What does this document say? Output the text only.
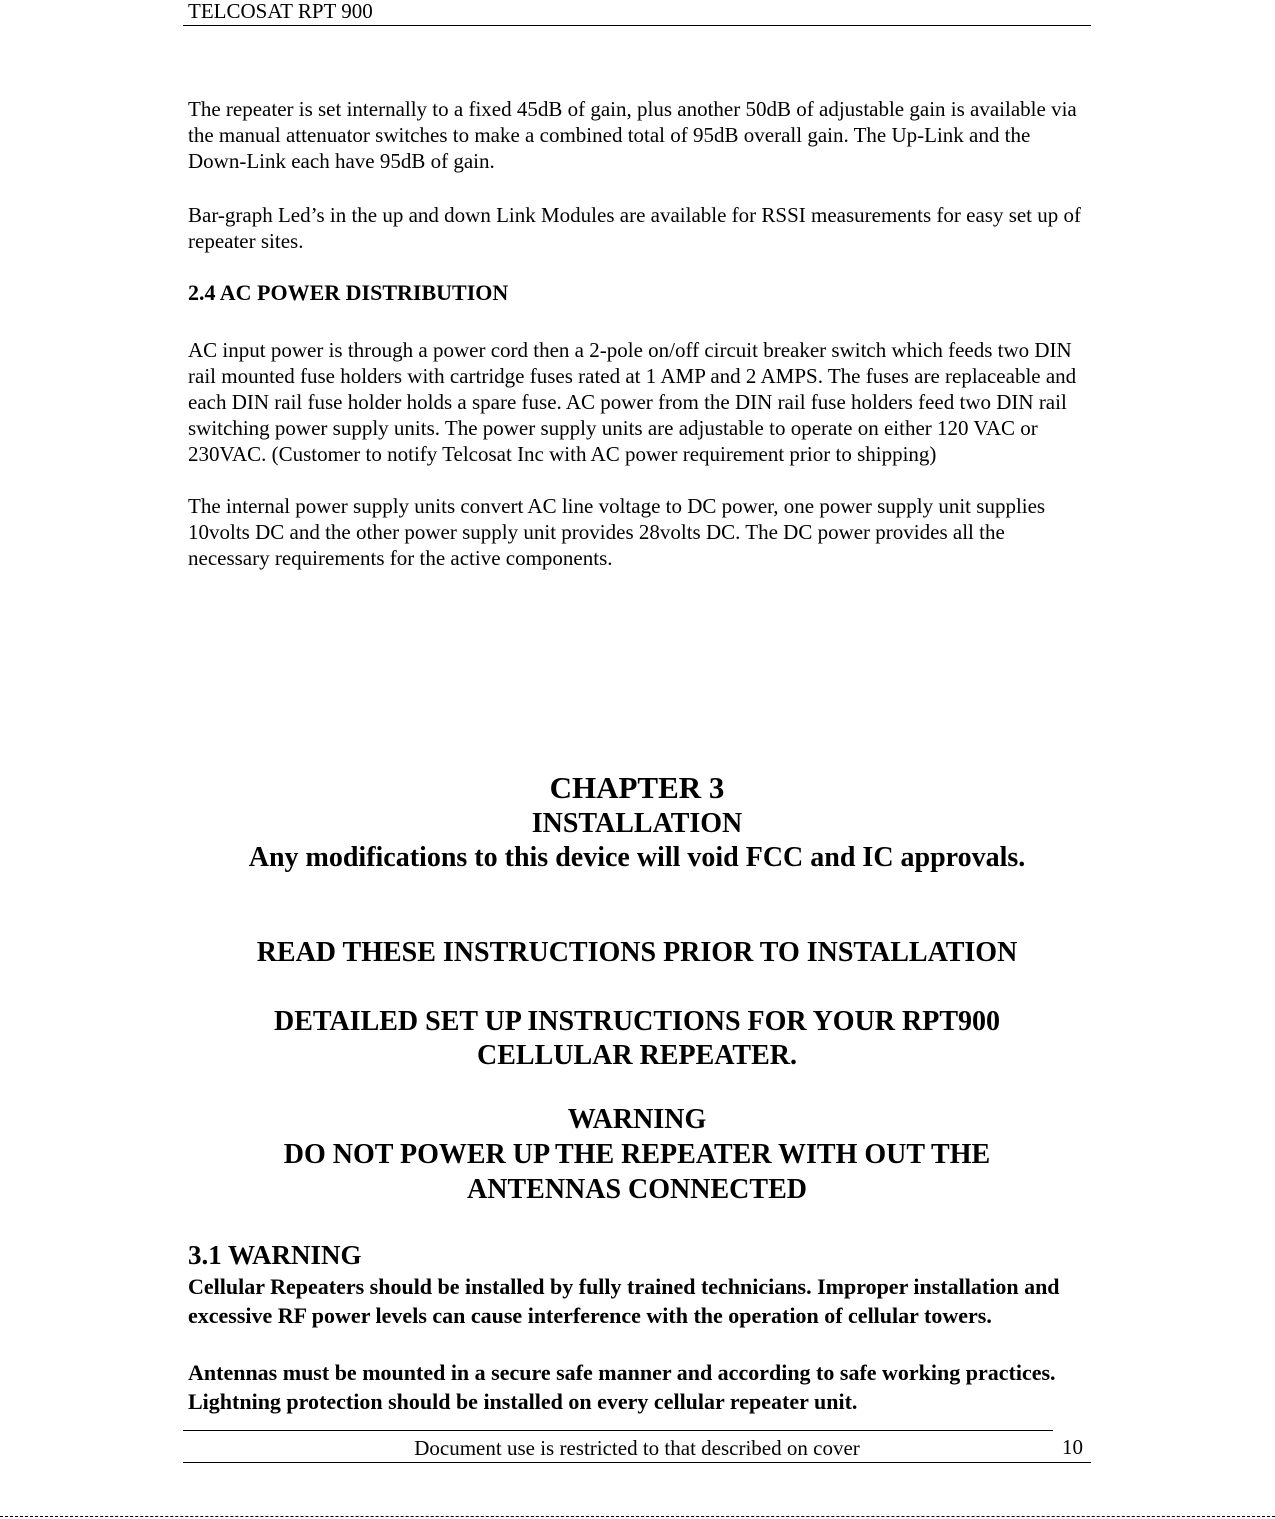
TELCOSAT RPT 900

The repeater is set internally to a fixed 45dB of gain, plus another 50dB of adjustable gain is available via the manual attenuator switches to make a combined total of 95dB overall gain. The Up-Link and the Down-Link each have 95dB of gain.

Bar-graph Led’s in the up and down Link Modules are available for RSSI measurements for easy set up of repeater sites.

2.4 AC POWER DISTRIBUTION

AC input power is through a power cord then a 2-pole on/off circuit breaker switch which feeds two DIN rail mounted fuse holders with cartridge fuses rated at 1 AMP and 2 AMPS. The fuses are replaceable and each DIN rail fuse holder holds a spare fuse. AC power from the DIN rail fuse holders feed two DIN rail switching power supply units. The power supply units are adjustable to operate on either 120 VAC or 230VAC. (Customer to notify Telcosat Inc with AC power requirement prior to shipping)

The internal power supply units convert AC line voltage to DC power, one power supply unit supplies 10volts DC and the other power supply unit provides 28volts DC. The DC power provides all the necessary requirements for the active components.

CHAPTER 3
INSTALLATION

Any modifications to this device will void FCC and IC approvals.

READ THESE INSTRUCTIONS PRIOR TO INSTALLATION

DETAILED SET UP INSTRUCTIONS FOR YOUR RPT900

CELLULAR REPEATER.

WARNING

DO NOT POWER UP THE REPEATER WITH OUT THE

ANTENNAS CONNECTED

3.1 WARNING

Cellular Repeaters should be installed by fully trained technicians. Improper installation and excessive RF power levels can cause interference with the operation of cellular towers.

Antennas must be mounted in a secure safe manner and according to safe working practices. Lightning protection should be installed on every cellular repeater unit.

Document use is restricted to that described on cover	10
